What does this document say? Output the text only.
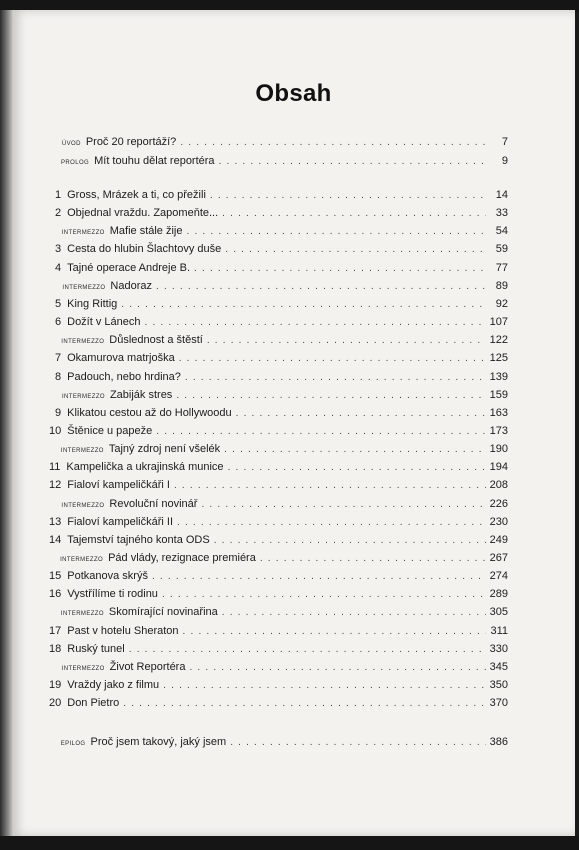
Obsah
ÚVOD Proč 20 reportáží? . . .	7
PROLOG Mít touhu dělat reportéra . . .	9
1 Gross, Mrázek a ti, co přežili . . .	14
2 Objednal vraždu. Zapomeňte... . . .	33
INTERMEZZO Mafie stále žije . . .	54
3 Cesta do hlubin Šlachtovy duše . . .	59
4 Tajné operace Andreje B. . . .	77
INTERMEZZO Nadoraz . . .	89
5 King Rittig . . .	92
6 Dožít v Lánech . . .	107
INTERMEZZO Důslednost a štěstí . . .	122
7 Okamurova matrjoška . . .	125
8 Padouch, nebo hrdina? . . .	139
INTERMEZZO Zabiják stres . . .	159
9 Klikatou cestou až do Hollywoodu . . .	163
10 Štěnice u papeže . . .	173
INTERMEZZO Tajný zdroj není všelék . . .	190
11 Kampelička a ukrajinská munice . . .	194
12 Fialoví kampeličkáři I . . .	208
INTERMEZZO Revoluční novinář . . .	226
13 Fialoví kampeličkáři II . . .	230
14 Tajemství tajného konta ODS . . .	249
INTERMEZZO Pád vlády, rezignace premiéra . . .	267
15 Potkanova skrýš . . .	274
16 Vystřílíme ti rodinu . . .	289
INTERMEZZO Skomírající novinařina . . .	305
17 Past v hotelu Sheraton . . .	311
18 Ruský tunel . . .	330
INTERMEZZO Život Reportéra . . .	345
19 Vraždy jako z filmu . . .	350
20 Don Pietro . . .	370
EPILOG Proč jsem takový, jaký jsem . . .	386
